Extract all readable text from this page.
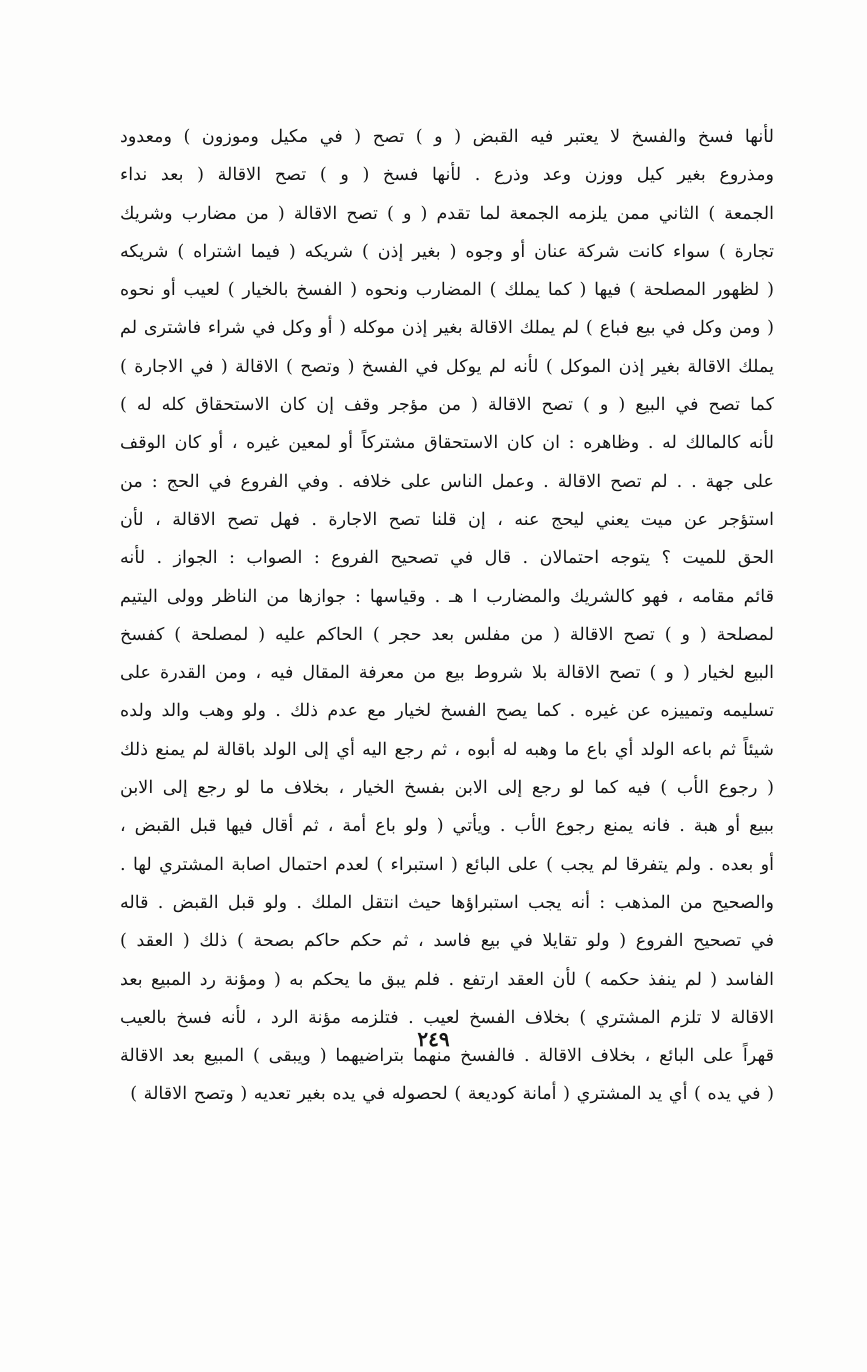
لأنها فسخ والفسخ لا يعتبر فيه القبض ( و ) تصح ( في مكيل وموزون ) ومعدود
ومذروع بغير كيل ووزن وعد وذرع . لأنها فسخ ( و ) تصح الاقالة ( بعد نداء
الجمعة ) الثاني ممن يلزمه الجمعة لما تقدم ( و ) تصح الاقالة ( من مضارب وشريك
تجارة ) سواء كانت شركة عنان أو وجوه ( بغير إذن ) شريكه ( فيما اشتراه ) شريكه
( لظهور المصلحة ) فيها ( كما يملك ) المضارب ونحوه ( الفسخ بالخيار ) لعيب أو نحوه
( ومن وكل في بيع فباع ) لم يملك الاقالة بغير إذن موكله ( أو وكل في شراء فاشترى لم
يملك الاقالة بغير إذن الموكل ) لأنه لم يوكل في الفسخ ( وتصح ) الاقالة ( في الاجارة )
كما تصح في البيع ( و ) تصح الاقالة ( من مؤجر وقف إن كان الاستحقاق كله له )
لأنه كالمالك له . وظاهره : ان كان الاستحقاق مشتركاً أو لمعين غيره ، أو كان الوقف
على جهة . . لم تصح الاقالة . وعمل الناس على خلافه . وفي الفروع في الحج : من
استؤجر عن ميت يعني ليحج عنه ، إن قلنا تصح الاجارة . فهل تصح الاقالة ، لأن
الحق للميت ؟ يتوجه احتمالان . قال في تصحيح الفروع : الصواب : الجواز . لأنه
قائم مقامه ، فهو كالشريك والمضارب ا هـ . وقياسها : جوازها من الناظر وولى اليتيم
لمصلحة ( و ) تصح الاقالة ( من مفلس بعد حجر ) الحاكم عليه ( لمصلحة ) كفسخ
البيع لخيار ( و ) تصح الاقالة بلا شروط بيع من معرفة المقال فيه ، ومن القدرة على
تسليمه وتمييزه عن غيره . كما يصح الفسخ لخيار مع عدم ذلك . ولو وهب والد ولده
شيئاً ثم باعه الولد أي باع ما وهبه له أبوه ، ثم رجع اليه أي إلى الولد باقالة لم يمنع ذلك
( رجوع الأب ) فيه كما لو رجع إلى الابن بفسخ الخيار ، بخلاف ما لو رجع إلى الابن
ببيع أو هبة . فانه يمنع رجوع الأب . ويأتي ( ولو باع أمة ، ثم أقال فيها قبل القبض ،
أو بعده . ولم يتفرقا لم يجب ) على البائع ( استبراء ) لعدم احتمال اصابة المشتري لها .
والصحيح من المذهب : أنه يجب استبراؤها حيث انتقل الملك . ولو قبل القبض . قاله
في تصحيح الفروع ( ولو تقايلا في بيع فاسد ، ثم حكم حاكم بصحة ) ذلك ( العقد )
الفاسد ( لم ينفذ حكمه ) لأن العقد ارتفع . فلم يبق ما يحكم به ( ومؤنة رد المبيع بعد
الاقالة لا تلزم المشتري ) بخلاف الفسخ لعيب . فتلزمه مؤنة الرد ، لأنه فسخ بالعيب
قهراً على البائع ، بخلاف الاقالة . فالفسخ منهما بتراضيهما ( ويبقى ) المبيع بعد الاقالة
( في يده ) أي يد المشتري ( أمانة كوديعة ) لحصوله في يده بغير تعديه ( وتصح الاقالة )
٢٤٩
